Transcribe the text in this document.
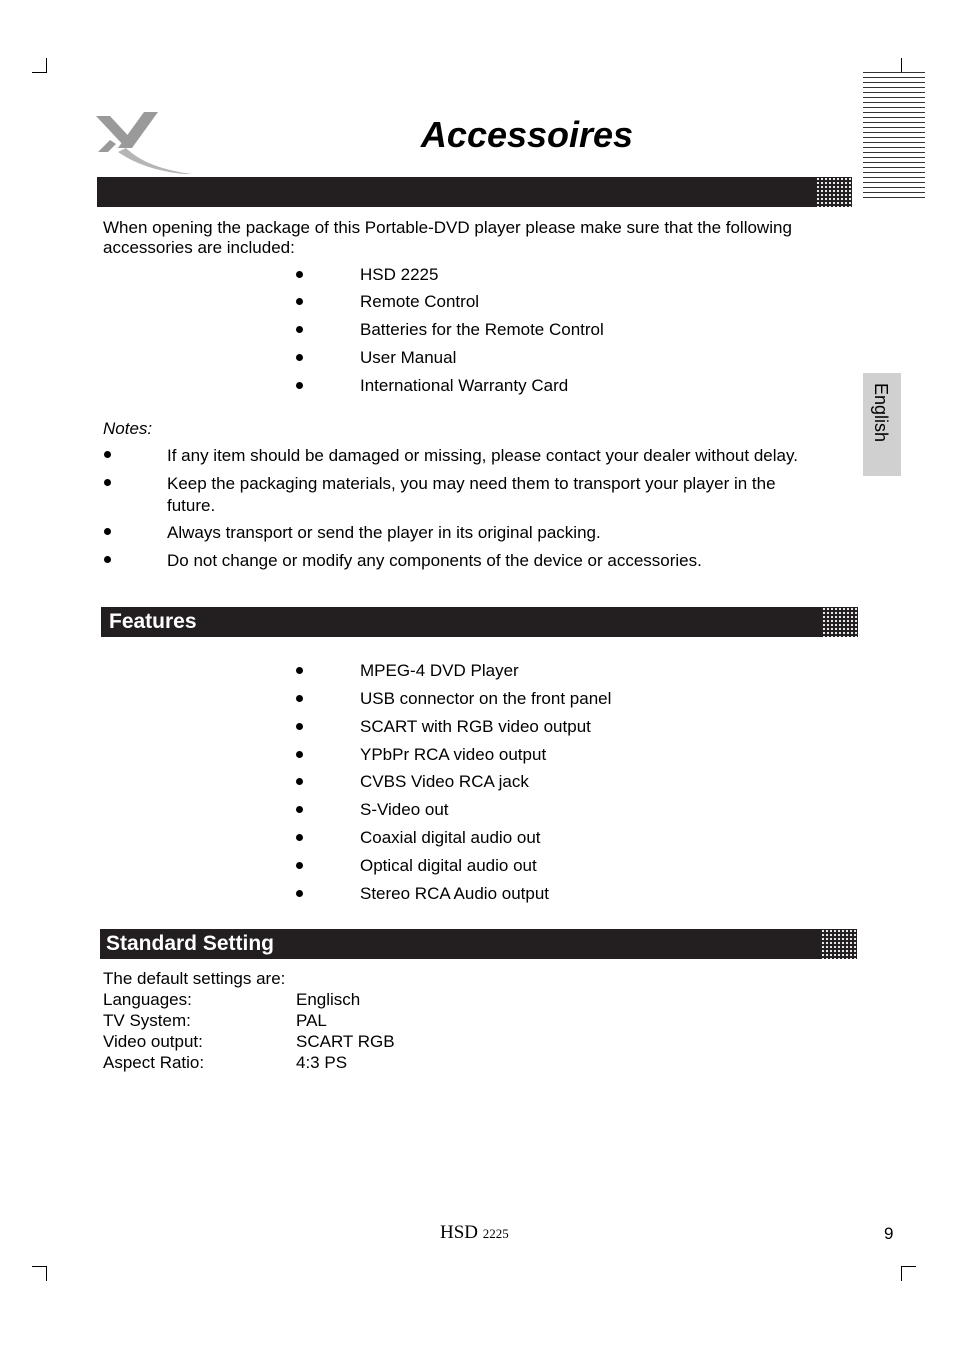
Accessoires
English
When opening the package of this Portable-DVD player please make sure that the following accessories are included:
HSD 2225
Remote Control
Batteries for the Remote Control
User Manual
International Warranty Card
Notes:
If any item should be damaged or missing, please contact your dealer without delay.
Keep the packaging materials, you may need them to transport your player in the future.
Always transport or send the player in its original packing.
Do not change or modify any components of the device or accessories.
Features
MPEG-4 DVD Player
USB connector on the front panel
SCART with RGB video output
YPbPr RCA video output
CVBS Video RCA jack
S-Video out
Coaxial digital audio out
Optical digital audio out
Stereo RCA Audio output
Standard Setting
The default settings are:
Languages:	Englisch
TV System:	PAL
Video output:	SCART RGB
Aspect Ratio:	4:3 PS
HSD 2225	9
